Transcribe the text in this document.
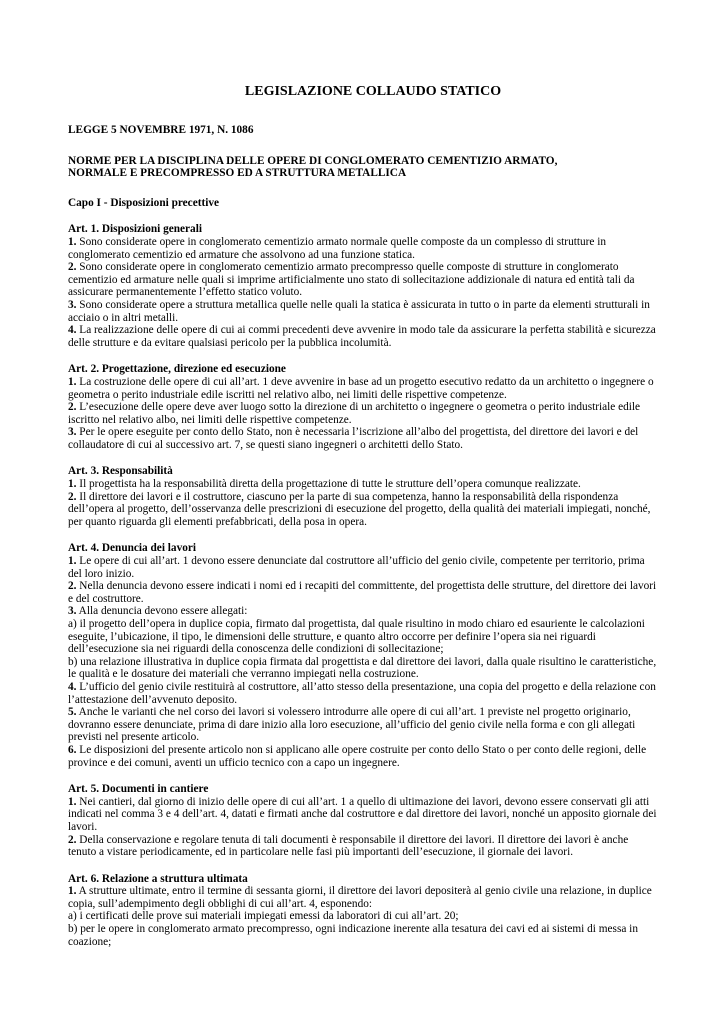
LEGISLAZIONE COLLAUDO STATICO
LEGGE 5 NOVEMBRE 1971, N. 1086
NORME PER LA DISCIPLINA DELLE OPERE DI CONGLOMERATO CEMENTIZIO ARMATO,
NORMALE E PRECOMPRESSO ED A STRUTTURA METALLICA
Capo I - Disposizioni precettive
Art. 1. Disposizioni generali
1. Sono considerate opere in conglomerato cementizio armato normale quelle composte da un complesso di strutture in conglomerato cementizio ed armature che assolvono ad una funzione statica.
2. Sono considerate opere in conglomerato cementizio armato precompresso quelle composte di strutture in conglomerato cementizio ed armature nelle quali si imprime artificialmente uno stato di sollecitazione addizionale di natura ed entità tali da assicurare permanentemente l’effetto statico voluto.
3. Sono considerate opere a struttura metallica quelle nelle quali la statica è assicurata in tutto o in parte da elementi strutturali in acciaio o in altri metalli.
4. La realizzazione delle opere di cui ai commi precedenti deve avvenire in modo tale da assicurare la perfetta stabilità e sicurezza delle strutture e da evitare qualsiasi pericolo per la pubblica incolumità.
Art. 2. Progettazione, direzione ed esecuzione
1. La costruzione delle opere di cui all’art. 1 deve avvenire in base ad un progetto esecutivo redatto da un architetto o ingegnere o geometra o perito industriale edile iscritti nel relativo albo, nei limiti delle rispettive competenze.
2. L’esecuzione delle opere deve aver luogo sotto la direzione di un architetto o ingegnere o geometra o perito industriale edile iscritto nel relativo albo, nei limiti delle rispettive competenze.
3. Per le opere eseguite per conto dello Stato, non è necessaria l’iscrizione all’albo del progettista, del direttore dei lavori e del collaudatore di cui al successivo art. 7, se questi siano ingegneri o architetti dello Stato.
Art. 3. Responsabilità
1. Il progettista ha la responsabilità diretta della progettazione di tutte le strutture dell’opera comunque realizzate.
2. Il direttore dei lavori e il costruttore, ciascuno per la parte di sua competenza, hanno la responsabilità della rispondenza dell’opera al progetto, dell’osservanza delle prescrizioni di esecuzione del progetto, della qualità dei materiali impiegati, nonché, per quanto riguarda gli elementi prefabbricati, della posa in opera.
Art. 4. Denuncia dei lavori
1. Le opere di cui all’art. 1 devono essere denunciate dal costruttore all’ufficio del genio civile, competente per territorio, prima del loro inizio.
2. Nella denuncia devono essere indicati i nomi ed i recapiti del committente, del progettista delle strutture, del direttore dei lavori e del costruttore.
3. Alla denuncia devono essere allegati:
a) il progetto dell’opera in duplice copia, firmato dal progettista, dal quale risultino in modo chiaro ed esauriente le calcolazioni eseguite, l’ubicazione, il tipo, le dimensioni delle strutture, e quanto altro occorre per definire l’opera sia nei riguardi dell’esecuzione sia nei riguardi della conoscenza delle condizioni di sollecitazione;
b) una relazione illustrativa in duplice copia firmata dal progettista e dal direttore dei lavori, dalla quale risultino le caratteristiche, le qualità e le dosature dei materiali che verranno impiegati nella costruzione.
4. L’ufficio del genio civile restituirà al costruttore, all’atto stesso della presentazione, una copia del progetto e della relazione con l’attestazione dell’avvenuto deposito.
5. Anche le varianti che nel corso dei lavori si volessero introdurre alle opere di cui all’art. 1 previste nel progetto originario, dovranno essere denunciate, prima di dare inizio alla loro esecuzione, all’ufficio del genio civile nella forma e con gli allegati previsti nel presente articolo.
6. Le disposizioni del presente articolo non si applicano alle opere costruite per conto dello Stato o per conto delle regioni, delle province e dei comuni, aventi un ufficio tecnico con a capo un ingegnere.
Art. 5. Documenti in cantiere
1. Nei cantieri, dal giorno di inizio delle opere di cui all’art. 1 a quello di ultimazione dei lavori, devono essere conservati gli atti indicati nel comma 3 e 4 dell’art. 4, datati e firmati anche dal costruttore e dal direttore dei lavori, nonché un apposito giornale dei lavori.
2. Della conservazione e regolare tenuta di tali documenti è responsabile il direttore dei lavori. Il direttore dei lavori è anche tenuto a vistare periodicamente, ed in particolare nelle fasi più importanti dell’esecuzione, il giornale dei lavori.
Art. 6. Relazione a struttura ultimata
1. A strutture ultimate, entro il termine di sessanta giorni, il direttore dei lavori depositerà al genio civile una relazione, in duplice copia, sull’adempimento degli obblighi di cui all’art. 4, esponendo:
a) i certificati delle prove sui materiali impiegati emessi da laboratori di cui all’art. 20;
b) per le opere in conglomerato armato precompresso, ogni indicazione inerente alla tesatura dei cavi ed ai sistemi di messa in coazione;
